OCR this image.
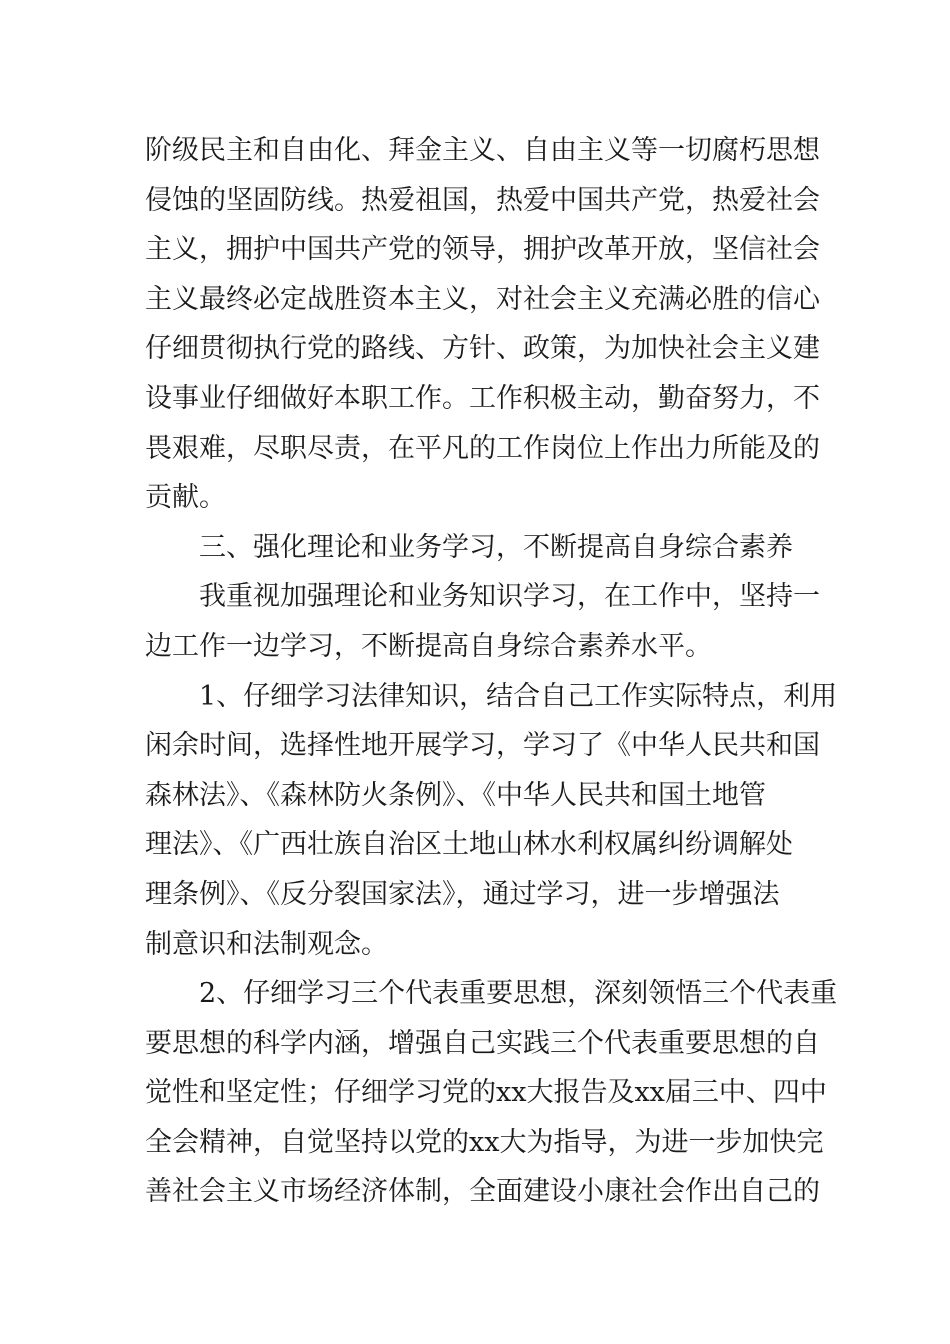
阶级民主和自由化、拜金主义、自由主义等一切腐朽思想
侵蚀的坚固防线。热爱祖国，热爱中国共产党，热爱社会
主义，拥护中国共产党的领导，拥护改革开放，坚信社会
主义最终必定战胜资本主义，对社会主义充满必胜的信心
仔细贯彻执行党的路线、方针、政策，为加快社会主义建
设事业仔细做好本职工作。工作积极主动，勤奋努力，不
畏艰难，尽职尽责，在平凡的工作岗位上作出力所能及的
贡献。
三、强化理论和业务学习，不断提高自身综合素养
我重视加强理论和业务知识学习，在工作中，坚持一
边工作一边学习，不断提高自身综合素养水平。
1、仔细学习法律知识，结合自己工作实际特点，利用
闲余时间，选择性地开展学习，学习了《中华人民共和国
森林法》、《森林防火条例》、《中华人民共和国土地管
理法》、《广西壮族自治区土地山林水利权属纠纷调解处
理条例》、《反分裂国家法》，通过学习，进一步增强法
制意识和法制观念。
2、仔细学习三个代表重要思想，深刻领悟三个代表重
要思想的科学内涵，增强自己实践三个代表重要思想的自
觉性和坚定性；仔细学习党的xx大报告及xx届三中、四中
全会精神，自觉坚持以党的xx大为指导，为进一步加快完
善社会主义市场经济体制，全面建设小康社会作出自己的
